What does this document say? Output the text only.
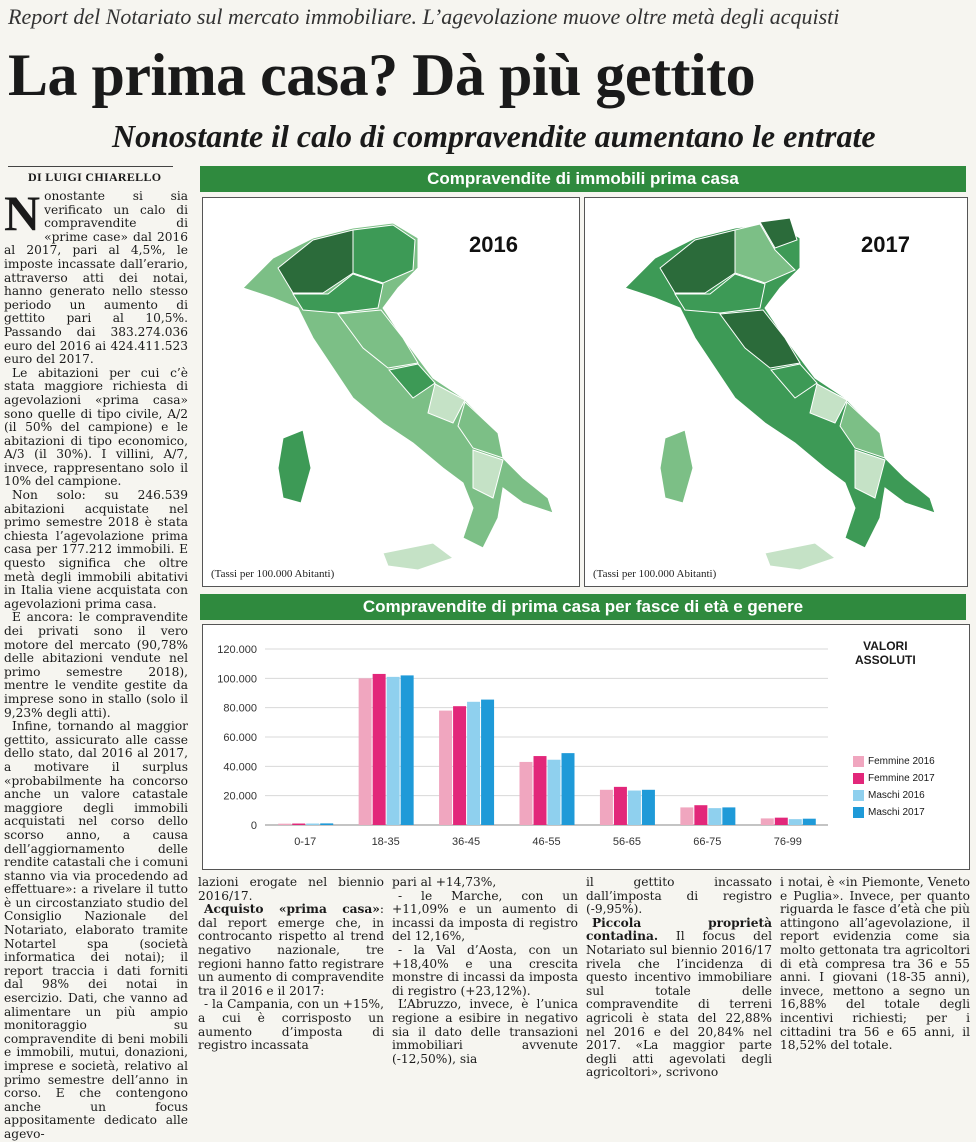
Report del Notariato sul mercato immobiliare. L’agevolazione muove oltre metà degli acquisti
La prima casa? Dà più gettito
Nonostante il calo di compravendite aumentano le entrate
DI LUIGI CHIARELLO

Nonostante si sia verificato un calo di compravendite di «prime case» dal 2016 al 2017, pari al 4,5%, le imposte incassate dall’erario, attraverso atti dei notai, hanno generato nello stesso periodo un aumento di gettito pari al 10,5%. Passando dai 383.274.036 euro del 2016 ai 424.411.523 euro del 2017.

Le abitazioni per cui c’è stata maggiore richiesta di agevolazioni «prima casa» sono quelle di tipo civile, A/2 (il 50% del campione) e le abitazioni di tipo economico, A/3 (il 30%). I villini, A/7, invece, rappresentano solo il 10% del campione.

Non solo: su 246.539 abitazioni acquistate nel primo semestre 2018 è stata chiesta l’agevolazione prima casa per 177.212 immobili. E questo significa che oltre metà degli immobili abitativi in Italia viene acquistata con agevolazioni prima casa.

E ancora: le compravendite dei privati sono il vero motore del mercato (90,78% delle abitazioni vendute nel primo semestre 2018), mentre le vendite gestite da imprese sono in stallo (solo il 9,23% degli atti).

Infine, tornando al maggior gettito, assicurato alle casse dello stato, dal 2016 al 2017, a motivare il surplus «probabilmente ha concorso anche un valore catastale maggiore degli immobili acquistati nel corso dello scorso anno, a causa dell’aggiornamento delle rendite catastali che i comuni stanno via via procedendo ad effettuare»: a rivelare il tutto è un circostanziato studio del Consiglio Nazionale del Notariato, elaborato tramite Notartel spa (società informatica dei notai); il report traccia i dati forniti dal 98% dei notai in esercizio. Dati, che vanno ad alimentare un più ampio monitoraggio su compravendite di beni mobili e immobili, mutui, donazioni, imprese e società, relativo al primo semestre dell’anno in corso. E che contengono anche un focus appositamente dedicato alle agevo-

Compravendite di immobili prima casa
2016
(Tassi per 100.000 Abitanti)
2017
(Tassi per 100.000 Abitanti)
Compravendite di prima casa per fasce di età e genere
120.000
100.000
80.000
60.000
40.000
20.000
0
0-17	18-35	36-45	46-55	56-65	66-75	76-99
VALORI
ASSOLUTI
Femmine 2016
Femmine 2017
Maschi 2016
Maschi 2017

lazioni erogate nel biennio 2016/17.

Acquisto «prima casa»: dal report emerge che, in controcanto rispetto al trend negativo nazionale, tre regioni hanno fatto registrare un aumento di compravendite tra il 2016 e il 2017:

- la Campania, con un +15%, a cui è corrisposto un aumento d’imposta di registro incassata

pari al +14,73%,

- le Marche, con un +11,09% e un aumento di incassi da imposta di registro del 12,16%,

- la Val d’Aosta, con un +18,40% e una crescita monstre di incassi da imposta di registro (+23,12%).

L’Abruzzo, invece, è l’unica regione a esibire in negativo sia il dato delle transazioni immobiliari avvenute (-12,50%), sia

il gettito incassato dall’imposta di registro (-9,95%).

Piccola proprietà contadina. Il focus del Notariato sul biennio 2016/17 rivela che l’incidenza di questo incentivo immobiliare sul totale delle compravendite di terreni agricoli è stata del 22,88% nel 2016 e del 20,84% nel 2017. «La maggior parte degli atti agevolati degli agricoltori», scrivono

i notai, è «in Piemonte, Veneto e Puglia». Invece, per quanto riguarda le fasce d’età che più attingono all’agevolazione, il report evidenzia come sia molto gettonata tra agricoltori di età compresa tra 36 e 55 anni. I giovani (18-35 anni), invece, mettono a segno un 16,88% del totale degli incentivi richiesti; per i cittadini tra 56 e 65 anni, il 18,52% del totale.
